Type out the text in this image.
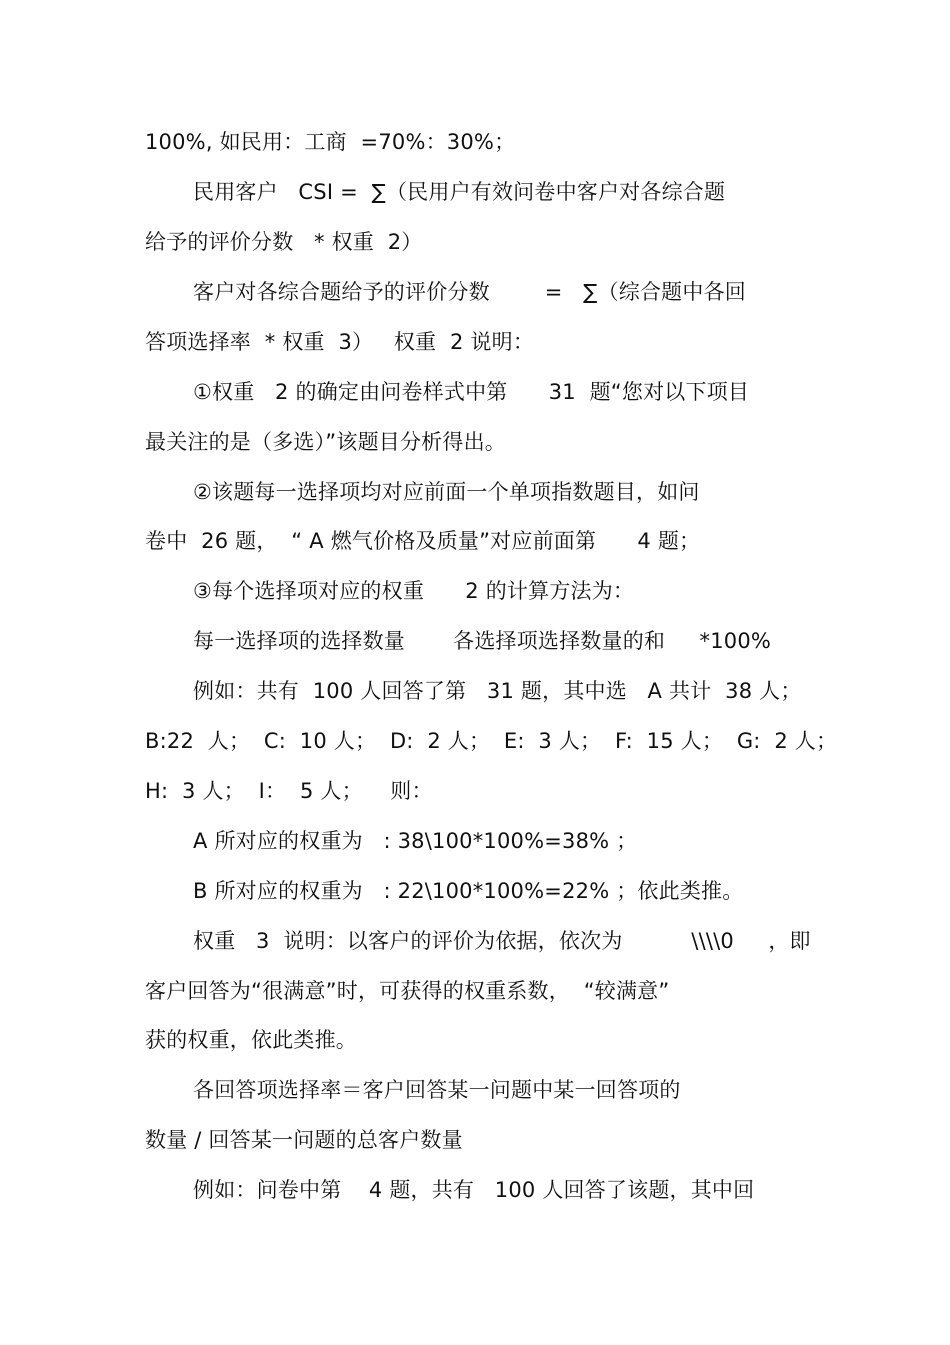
100%, 如民用：工商  =70%：30%；
民用客户   CSI =  ∑（民用户有效问卷中客户对各综合题
给予的评价分数   * 权重  2）
客户对各综合题给予的评价分数        =   ∑（综合题中各回
答项选择率  * 权重  3）   权重  2 说明：
①权重   2 的确定由问卷样式中第      31  题“您对以下项目
最关注的是（多选）”该题目分析得出。
②该题每一选择项均对应前面一个单项指数题目，如问
卷中  26 题，  “ A 燃气价格及质量”对应前面第      4 题；
③每个选择项对应的权重      2 的计算方法为：
每一选择项的选择数量       各选择项选择数量的和     *100%
例如：共有  100 人回答了第   31 题，其中选   A 共计  38 人；
B:22  人；  C:  10 人；  D:  2 人；  E:  3 人；  F:  15 人；  G:  2 人；
H:  3 人；  I：  5 人；    则：
A 所对应的权重为   : 38\100*100%=38% ；
B 所对应的权重为   : 22\100*100%=22% ；依此类推。
权重   3  说明：以客户的评价为依据，依次为          \\\\0     ，即
客户回答为“很满意”时，可获得的权重系数，  “较满意”
获的权重，依此类推。
各回答项选择率＝客户回答某一问题中某一回答项的
数量 / 回答某一问题的总客户数量
例如：问卷中第    4 题，共有   100 人回答了该题，其中回
